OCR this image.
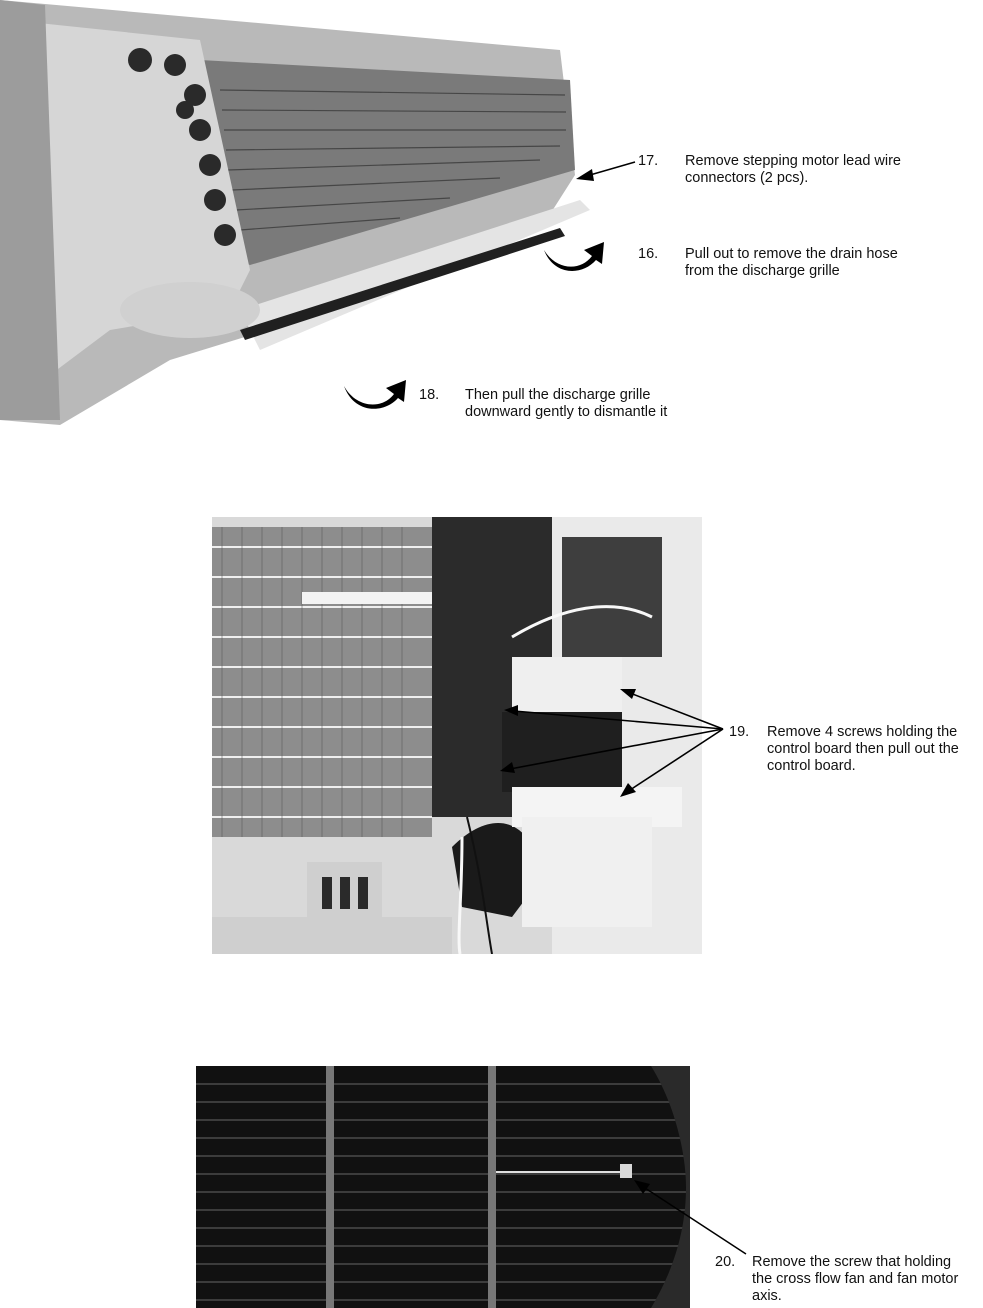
17. Remove stepping motor lead wire
connectors (2 pcs).
16. Pull out to remove the drain hose
from the discharge grille
18. Then pull the discharge grille
downward gently to dismantle it
19. Remove 4 screws holding the
control board then pull out the
control board.
20. Remove the screw that holding
the cross flow fan and fan motor
axis.
